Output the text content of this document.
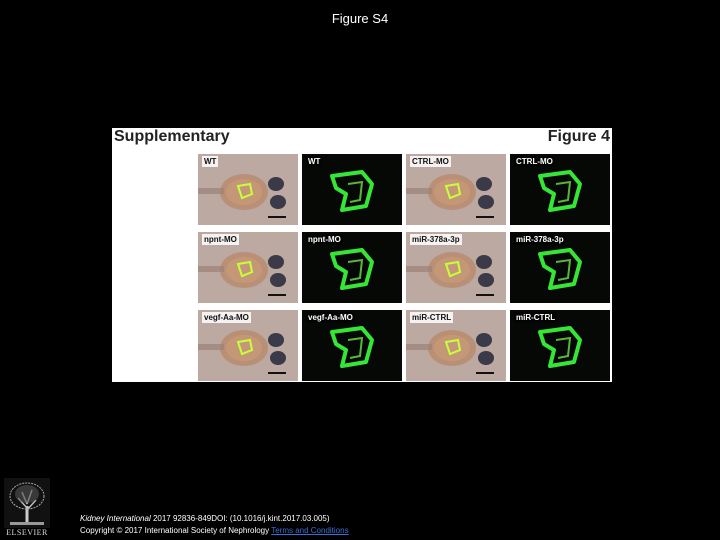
Figure S4
Supplementary	Figure 4
WT	WT	CTRL-MO	CTRL-MO
npnt-MO	npnt-MO	miR-378a-3p	miR-378a-3p
vegf-Aa-MO	vegf-Aa-MO	miR-CTRL	miR-CTRL
ELSEVIER
Kidney International 2017 92836-849DOI: (10.1016/j.kint.2017.03.005)
Copyright © 2017 International Society of Nephrology Terms and Conditions
